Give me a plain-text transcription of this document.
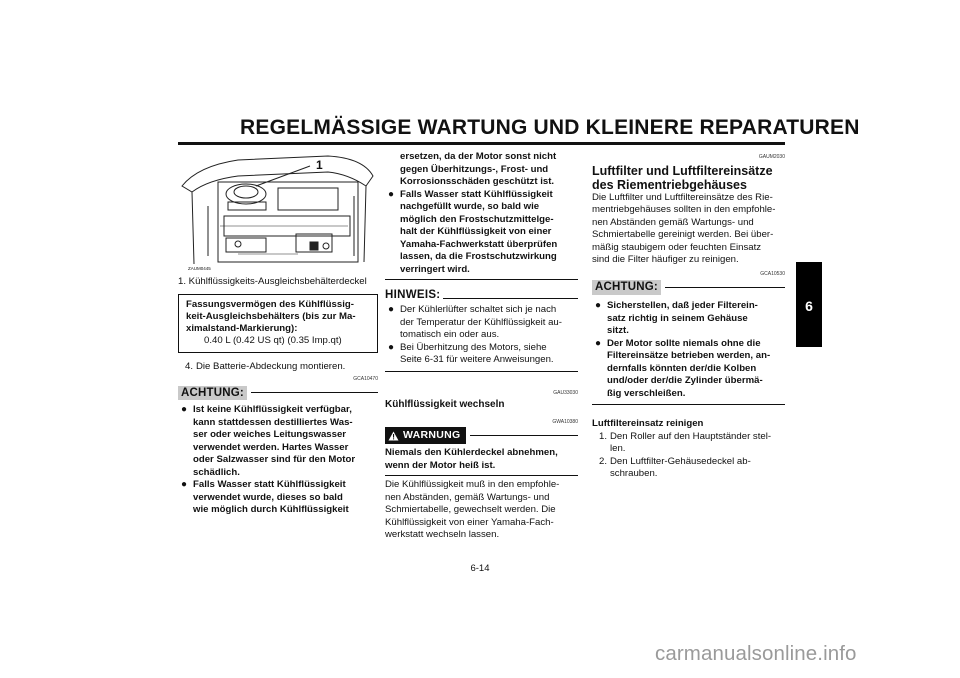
REGELMÄSSIGE WARTUNG UND KLEINERE REPARATUREN
6
1
ZAUM0445
1. Kühlflüssigkeits-Ausgleichsbehälterdeckel
Fassungsvermögen des Kühlflüssig-
keit-Ausgleichsbehälters (bis zur Ma-
ximalstand-Markierung):
0.40 L (0.42 US qt) (0.35 Imp.qt)
4. Die Batterie-Abdeckung montieren.
GCA10470
ACHTUNG:
● Ist keine Kühlflüssigkeit verfügbar,
kann stattdessen destilliertes Was-
ser oder weiches Leitungswasser
verwendet werden. Hartes Wasser
oder Salzwasser sind für den Motor
schädlich.
● Falls Wasser statt Kühlflüssigkeit
verwendet wurde, dieses so bald
wie möglich durch Kühlflüssigkeit
ersetzen, da der Motor sonst nicht
gegen Überhitzungs-, Frost- und
Korrosionsschäden geschützt ist.
● Falls Wasser statt Kühlflüssigkeit
nachgefüllt wurde, so bald wie
möglich den Frostschutzmittelge-
halt der Kühlflüssigkeit von einer
Yamaha-Fachwerkstatt überprüfen
lassen, da die Frostschutzwirkung
verringert wird.
HINWEIS:
● Der Kühlerlüfter schaltet sich je nach
der Temperatur der Kühlflüssigkeit au-
tomatisch ein oder aus.
● Bei Überhitzung des Motors, siehe
Seite 6-31 für weitere Anweisungen.
GAU33030
Kühlflüssigkeit wechseln
GWA10380
WARNUNG
Niemals den Kühlerdeckel abnehmen,
wenn der Motor heiß ist.
Die Kühlflüssigkeit muß in den empfohle-
nen Abständen, gemäß Wartungs- und
Schmiertabelle, gewechselt werden. Die
Kühlflüssigkeit von einer Yamaha-Fach-
werkstatt wechseln lassen.
GAUM2030
Luftfilter und Luftfiltereinsätze
des Riementriebgehäuses
Die Luftfilter und Luftfiltereinsätze des Rie-
mentriebgehäuses sollten in den empfohle-
nen Abständen gemäß Wartungs- und
Schmiertabelle gereinigt werden. Bei über-
mäßig staubigem oder feuchten Einsatz
sind die Filter häufiger zu reinigen.
GCA10530
ACHTUNG:
● Sicherstellen, daß jeder Filterein-
satz richtig in seinem Gehäuse
sitzt.
● Der Motor sollte niemals ohne die
Filtereinsätze betrieben werden, an-
dernfalls könnten der/die Kolben
und/oder der/die Zylinder übermä-
ßig verschleißen.
Luftfiltereinsatz reinigen
1. Den Roller auf den Hauptständer stel-
len.
2. Den Luftfilter-Gehäusedeckel ab-
schrauben.
6-14
carmanualsonline.info
